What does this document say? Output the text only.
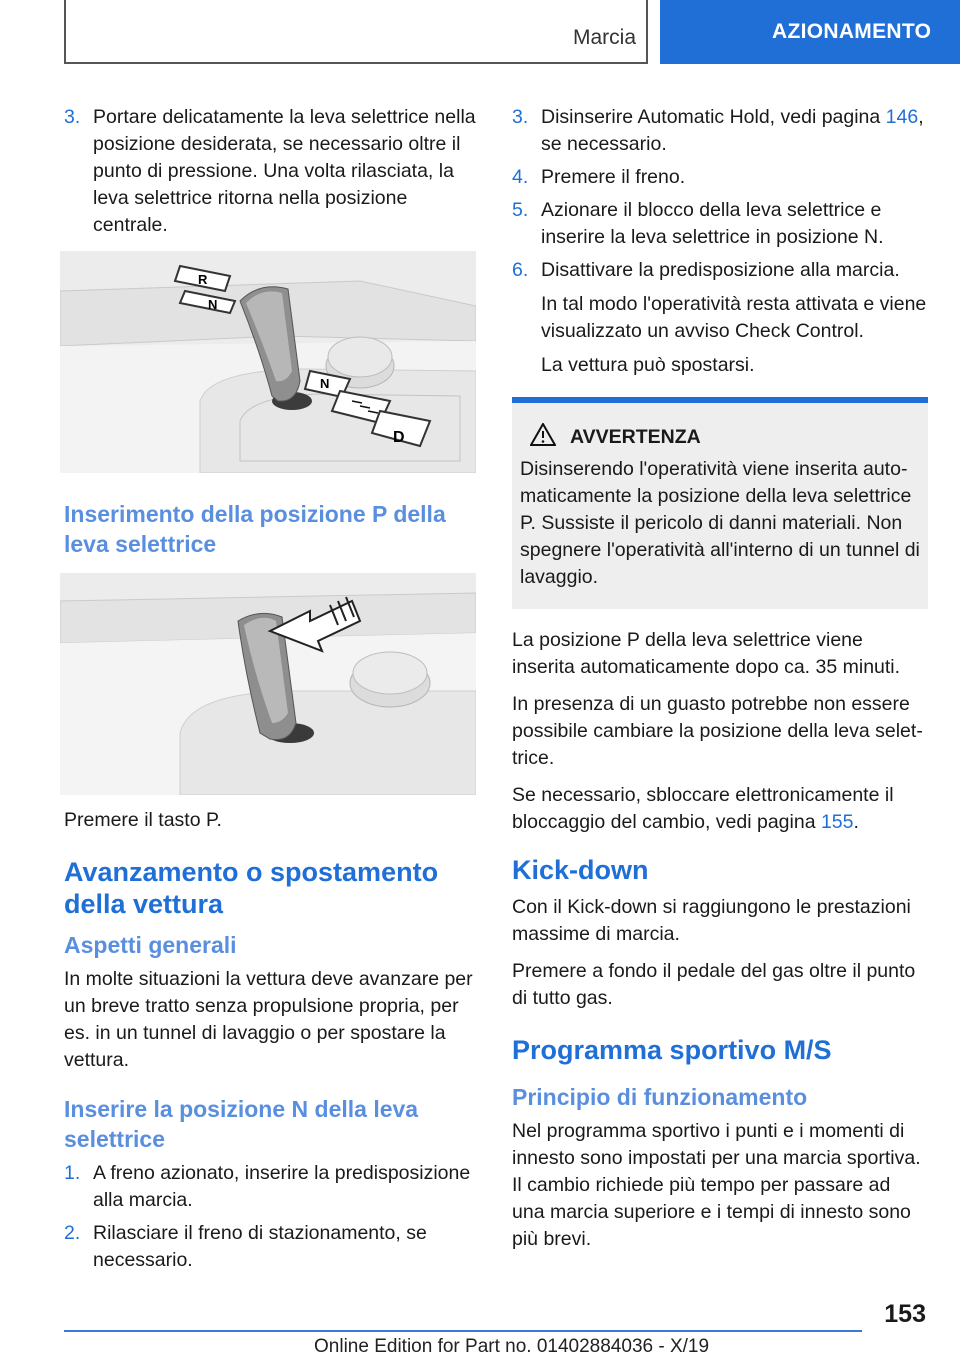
Marcia	AZIONAMENTO
3. Portare delicatamente la leva selettrice nella posizione desiderata, se necessario oltre il punto di pressione. Una volta rilasciata, la leva selettrice ritorna nella posizione centrale.
R
N
N
D
Inserimento della posizione P della leva selettrice

Premere il tasto P.

Avanzamento o spostamento della vettura
Aspetti generali

In molte situazioni la vettura deve avanzare per un breve tratto senza propulsione propria, per es. in un tunnel di lavaggio o per spostare la vettura.

Inserire la posizione N della leva selettrice
1. A freno azionato, inserire la predisposizione alla marcia.
2. Rilasciare il freno di stazionamento, se necessario.
3. Disinserire Automatic Hold, vedi pagina 146, se necessario.
4. Premere il freno.
5. Azionare il blocco della leva selettrice e inserire la leva selettrice in posizione N.
6. Disattivare la predisposizione alla marcia.
In tal modo l'operatività resta attivata e viene visualizzato un avviso Check Control.
La vettura può spostarsi.
AVVERTENZA

Disinserendo l'operatività viene inserita automaticamente la posizione della leva selettrice P. Sussiste il pericolo di danni materiali. Non spegnere l'operatività all'interno di un tunnel di lavaggio.

La posizione P della leva selettrice viene inserita automaticamente dopo ca. 35 minuti.

In presenza di un guasto potrebbe non essere possibile cambiare la posizione della leva selettrice.

Se necessario, sbloccare elettronicamente il bloccaggio del cambio, vedi pagina 155.

Kick-down

Con il Kick-down si raggiungono le prestazioni massime di marcia.

Premere a fondo il pedale del gas oltre il punto di tutto gas.

Programma sportivo M/S
Principio di funzionamento

Nel programma sportivo i punti e i momenti di innesto sono impostati per una marcia sportiva. Il cambio richiede più tempo per passare ad una marcia superiore e i tempi di innesto sono più brevi.

153
Online Edition for Part no. 01402884036 - X/19
